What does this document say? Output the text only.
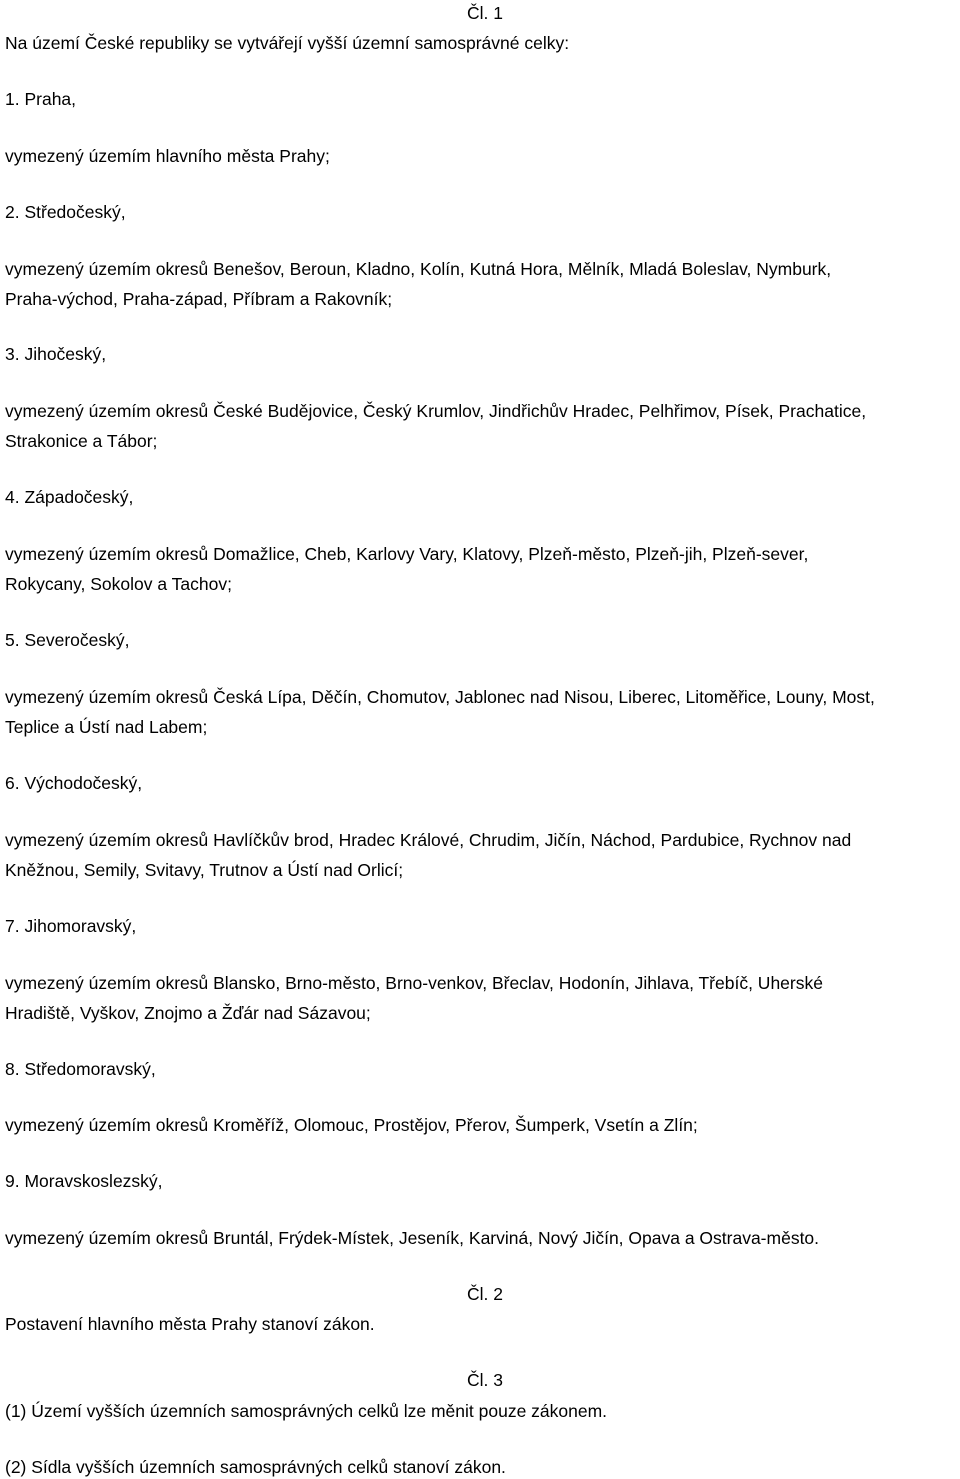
Čl. 1
Na území České republiky se vytvářejí vyšší územní samosprávné celky:
1. Praha,
vymezený územím hlavního města Prahy;
2. Středočeský,
vymezený územím okresů Benešov, Beroun, Kladno, Kolín, Kutná Hora, Mělník, Mladá Boleslav, Nymburk,
Praha-východ, Praha-západ, Příbram a Rakovník;
3. Jihočeský,
vymezený územím okresů České Budějovice, Český Krumlov, Jindřichův Hradec, Pelhřimov, Písek, Prachatice,
Strakonice a Tábor;
4. Západočeský,
vymezený územím okresů Domažlice, Cheb, Karlovy Vary, Klatovy, Plzeň-město, Plzeň-jih, Plzeň-sever,
Rokycany, Sokolov a Tachov;
5. Severočeský,
vymezený územím okresů Česká Lípa, Děčín, Chomutov, Jablonec nad Nisou, Liberec, Litoměřice, Louny, Most,
Teplice a Ústí nad Labem;
6. Východočeský,
vymezený územím okresů Havlíčkův brod, Hradec Králové, Chrudim, Jičín, Náchod, Pardubice, Rychnov nad
Kněžnou, Semily, Svitavy, Trutnov a Ústí nad Orlicí;
7. Jihomoravský,
vymezený územím okresů Blansko, Brno-město, Brno-venkov, Břeclav, Hodonín, Jihlava, Třebíč, Uherské
Hradiště, Vyškov, Znojmo a Žďár nad Sázavou;
8. Středomoravský,
vymezený územím okresů Kroměříž, Olomouc, Prostějov, Přerov, Šumperk, Vsetín a Zlín;
9. Moravskoslezský,
vymezený územím okresů Bruntál, Frýdek-Místek, Jeseník, Karviná, Nový Jičín, Opava a Ostrava-město.
Čl. 2
Postavení hlavního města Prahy stanoví zákon.
Čl. 3
(1) Území vyšších územních samosprávných celků lze měnit pouze zákonem.
(2) Sídla vyšších územních samosprávných celků stanoví zákon.
